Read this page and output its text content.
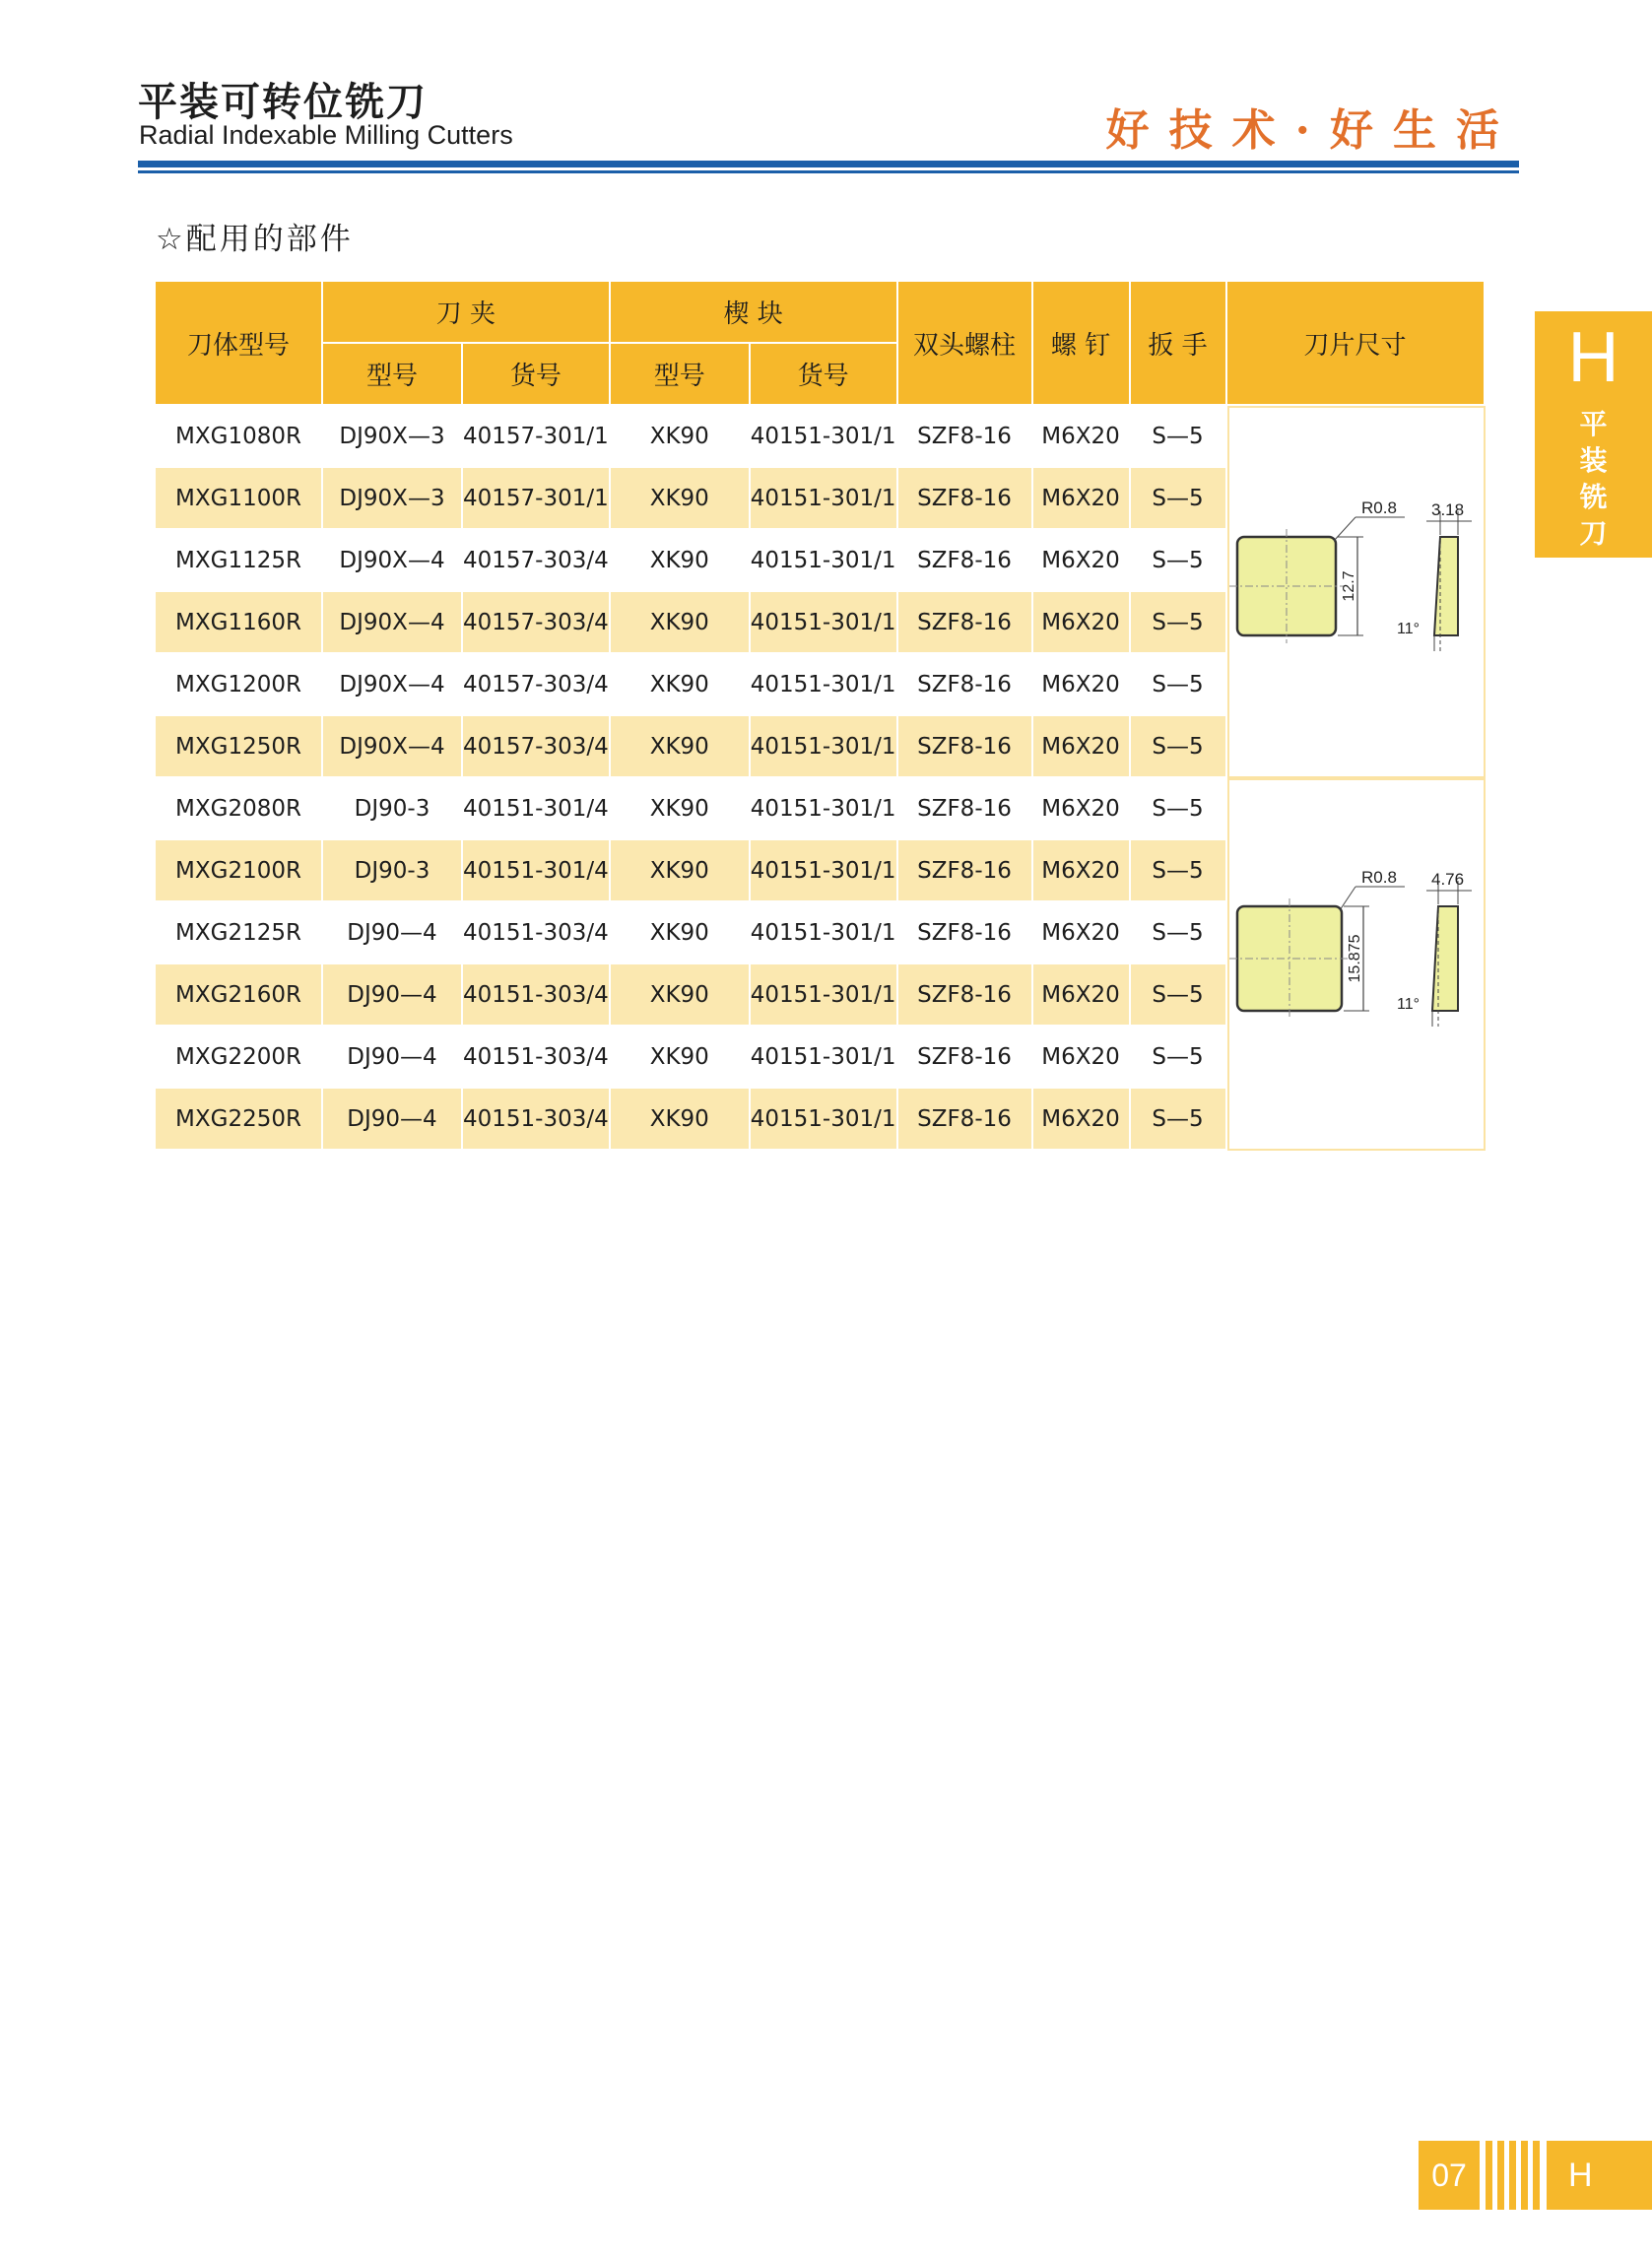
平装可转位铣刀
Radial Indexable Milling Cutters	好技术·好生活
H
平
装
铣
刀
☆配用的部件
刀体型号	刀 夹		楔 块		双头螺柱	螺 钉	扳 手	刀片尺寸
	型号	货号	型号	货号				
MXG1080R	DJ90X—3	40157-301/1	XK90	40151-301/1	SZF8-16	M6X20	S—5	12.7
R0.8 3.18
11°

MXG1100R	DJ90X—3	40157-301/1	XK90	40151-301/1	SZF8-16	M6X20	S—5	
MXG1125R	DJ90X—4	40157-303/4	XK90	40151-301/1	SZF8-16	M6X20	S—5	
MXG1160R	DJ90X—4	40157-303/4	XK90	40151-301/1	SZF8-16	M6X20	S—5	
MXG1200R	DJ90X—4	40157-303/4	XK90	40151-301/1	SZF8-16	M6X20	S—5	
MXG1250R	DJ90X—4	40157-303/4	XK90	40151-301/1	SZF8-16	M6X20	S—5	
MXG2080R	DJ90-3	40151-301/4	XK90	40151-301/1	SZF8-16	M6X20	S—5	15.875
R0.8 4.76
11°

MXG2100R	DJ90-3	40151-301/4	XK90	40151-301/1	SZF8-16	M6X20	S—5	
MXG2125R	DJ90—4	40151-303/4	XK90	40151-301/1	SZF8-16	M6X20	S—5	
MXG2160R	DJ90—4	40151-303/4	XK90	40151-301/1	SZF8-16	M6X20	S—5	
MXG2200R	DJ90—4	40151-303/4	XK90	40151-301/1	SZF8-16	M6X20	S—5	
MXG2250R	DJ90—4	40151-303/4	XK90	40151-301/1	SZF8-16	M6X20	S—5	
07	H
